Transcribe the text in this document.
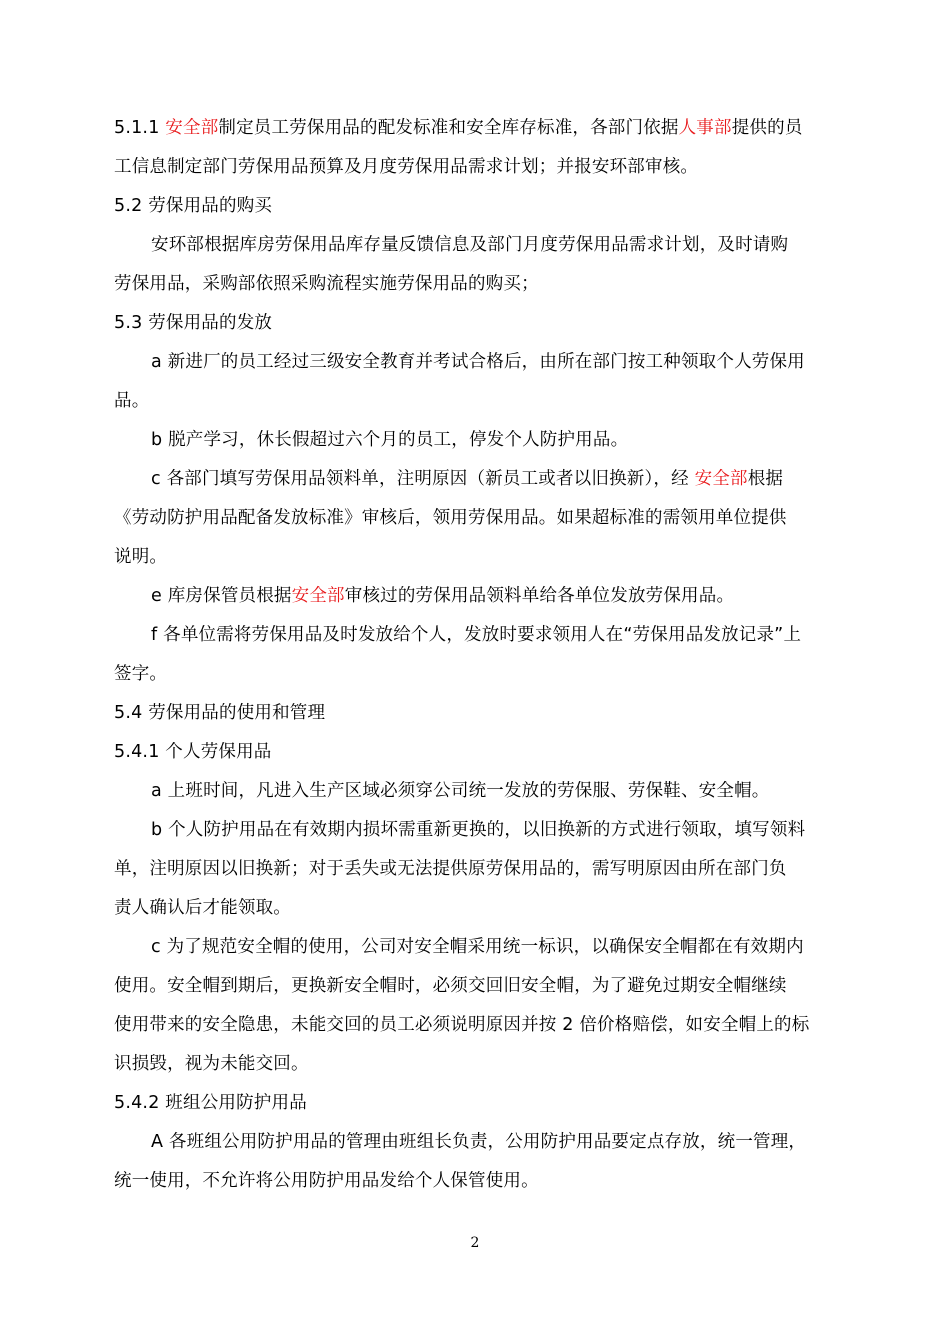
5.1.1 安全部制定员工劳保用品的配发标准和安全库存标准，各部门依据人事部提供的员
工信息制定部门劳保用品预算及月度劳保用品需求计划；并报安环部审核。
5.2 劳保用品的购买
安环部根据库房劳保用品库存量反馈信息及部门月度劳保用品需求计划，及时请购
劳保用品，采购部依照采购流程实施劳保用品的购买；
5.3 劳保用品的发放
a 新进厂的员工经过三级安全教育并考试合格后，由所在部门按工种领取个人劳保用
品。
b 脱产学习，休长假超过六个月的员工，停发个人防护用品。
c 各部门填写劳保用品领料单，注明原因（新员工或者以旧换新），经 安全部根据
《劳动防护用品配备发放标准》审核后，领用劳保用品。如果超标准的需领用单位提供
说明。
e 库房保管员根据安全部审核过的劳保用品领料单给各单位发放劳保用品。
f 各单位需将劳保用品及时发放给个人，发放时要求领用人在“劳保用品发放记录”上
签字。
5.4 劳保用品的使用和管理
5.4.1 个人劳保用品
a 上班时间，凡进入生产区域必须穿公司统一发放的劳保服、劳保鞋、安全帽。
b 个人防护用品在有效期内损坏需重新更换的，以旧换新的方式进行领取，填写领料
单，注明原因以旧换新；对于丢失或无法提供原劳保用品的，需写明原因由所在部门负
责人确认后才能领取。
c 为了规范安全帽的使用，公司对安全帽采用统一标识，以确保安全帽都在有效期内
使用。安全帽到期后，更换新安全帽时，必须交回旧安全帽，为了避免过期安全帽继续
使用带来的安全隐患，未能交回的员工必须说明原因并按 2 倍价格赔偿，如安全帽上的标
识损毁，视为未能交回。
5.4.2 班组公用防护用品
A 各班组公用防护用品的管理由班组长负责，公用防护用品要定点存放，统一管理，
统一使用，不允许将公用防护用品发给个人保管使用。
2
